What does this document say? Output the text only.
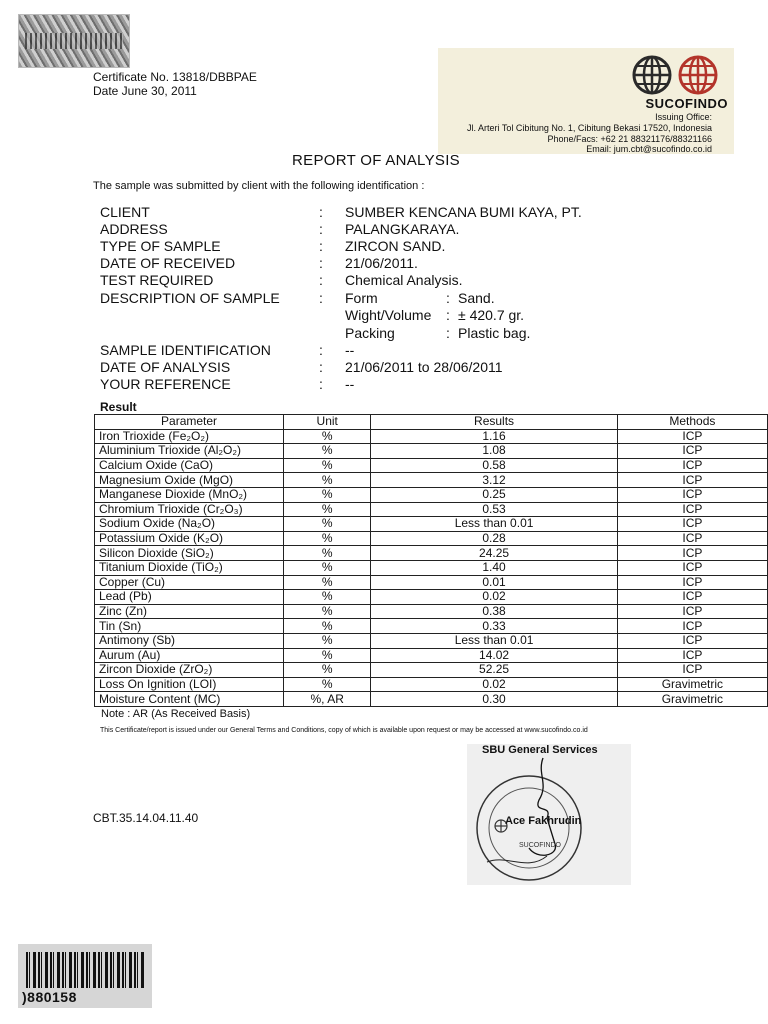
Certificate No. 13818/DBBPAE
Date June 30, 2011
SUCOFINDO
Issuing Office:
Jl. Arteri Tol Cibitung No. 1, Cibitung Bekasi 17520, Indonesia
Phone/Facs: +62 21 88321176/88321166
Email: jum.cbt@sucofindo.co.id
REPORT OF ANALYSIS
The sample was submitted by client with the following identification :
CLIENT	: SUMBER KENCANA BUMI KAYA, PT.
ADDRESS	: PALANGKARAYA.
TYPE OF SAMPLE	: ZIRCON SAND.
DATE OF RECEIVED	: 21/06/2011.
TEST REQUIRED	: Chemical Analysis.
DESCRIPTION OF SAMPLE	: Form	: Sand.
Wight/Volume : ± 420.7 gr.
Packing	: Plastic bag.
SAMPLE IDENTIFICATION	: --
DATE OF ANALYSIS	: 21/06/2011 to 28/06/2011
YOUR REFERENCE	: --
Result
Parameter	Unit	Results	Methods
Iron Trioxide (Fe₂O₂)	%	1.16	ICP
Aluminium Trioxide (Al₂O₂)	%	1.08	ICP
Calcium Oxide (CaO)	%	0.58	ICP
Magnesium Oxide (MgO)	%	3.12	ICP
Manganese Dioxide (MnO₂)	%	0.25	ICP
Chromium Trioxide (Cr₂O₃)	%	0.53	ICP
Sodium Oxide (Na₂O)	%	Less than 0.01	ICP
Potassium Oxide (K₂O)	%	0.28	ICP
Silicon Dioxide (SiO₂)	%	24.25	ICP
Titanium Dioxide (TiO₂)	%	1.40	ICP
Copper (Cu)	%	0.01	ICP
Lead (Pb)	%	0.02	ICP
Zinc (Zn)	%	0.38	ICP
Tin (Sn)	%	0.33	ICP
Antimony (Sb)	%	Less than 0.01	ICP
Aurum (Au)	%	14.02	ICP
Zircon Dioxide (ZrO₂)	%	52.25	ICP
Loss On Ignition (LOI)	%	0.02	Gravimetric
Moisture Content (MC)	%, AR	0.30	Gravimetric
Note : AR (As Received Basis)
This Certificate/report is issued under our General Terms and Conditions, copy of which is available upon request or may be accessed at www.sucofindo.co.id
SUCOFINDO
SBU General Services
Ace Fakhrudin
CBT.35.14.04.11.40
)880158
